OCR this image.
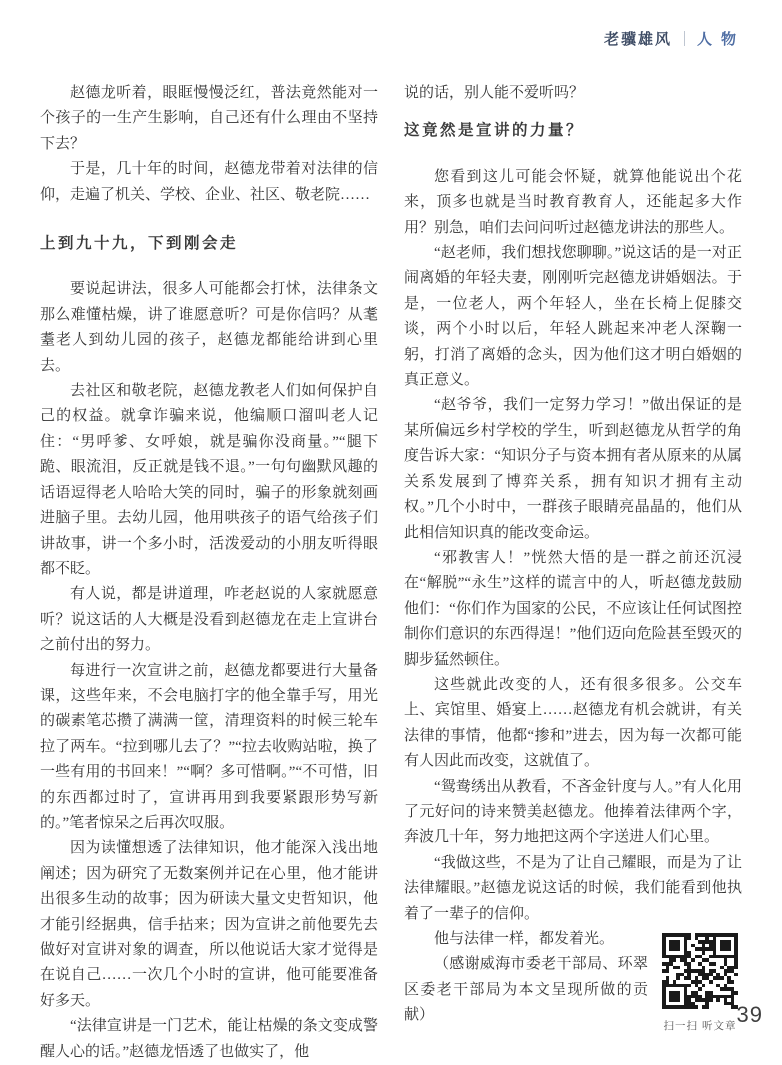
老骥雄风 人物

赵德龙听着，眼眶慢慢泛红，普法竟然能对一个孩子的一生产生影响，自己还有什么理由不坚持下去？

于是，几十年的时间，赵德龙带着对法律的信仰，走遍了机关、学校、企业、社区、敬老院……

上到九十九，下到刚会走

要说起讲法，很多人可能都会打怵，法律条文那么难懂枯燥，讲了谁愿意听？可是你信吗？从耄耋老人到幼儿园的孩子，赵德龙都能给讲到心里去。

去社区和敬老院，赵德龙教老人们如何保护自己的权益。就拿诈骗来说，他编顺口溜叫老人记住：“男呼爹、女呼娘，就是骗你没商量。”“腿下跪、眼流泪，反正就是钱不退。”一句句幽默风趣的话语逗得老人哈哈大笑的同时，骗子的形象就刻画进脑子里。去幼儿园，他用哄孩子的语气给孩子们讲故事，讲一个多小时，活泼爱动的小朋友听得眼都不眨。

有人说，都是讲道理，咋老赵说的人家就愿意听？说这话的人大概是没看到赵德龙在走上宣讲台之前付出的努力。

每进行一次宣讲之前，赵德龙都要进行大量备课，这些年来，不会电脑打字的他全靠手写，用光的碳素笔芯攒了满满一筐，清理资料的时候三轮车拉了两车。“拉到哪儿去了？”“拉去收购站啦，换了一些有用的书回来！”“啊？多可惜啊。”“不可惜，旧的东西都过时了，宣讲再用到我要紧跟形势写新的。”笔者惊呆之后再次叹服。

因为读懂想透了法律知识，他才能深入浅出地阐述；因为研究了无数案例并记在心里，他才能讲出很多生动的故事；因为研读大量文史哲知识，他才能引经据典，信手拈来；因为宣讲之前他要先去做好对宣讲对象的调查，所以他说话大家才觉得是在说自己……一次几个小时的宣讲，他可能要准备好多天。

“法律宣讲是一门艺术，能让枯燥的条文变成警醒人心的话。”赵德龙悟透了也做实了，他

说的话，别人能不爱听吗？

这竟然是宣讲的力量？

您看到这儿可能会怀疑，就算他能说出个花来，顶多也就是当时教育教育人，还能起多大作用？别急，咱们去问问听过赵德龙讲法的那些人。

“赵老师，我们想找您聊聊。”说这话的是一对正闹离婚的年轻夫妻，刚刚听完赵德龙讲婚姻法。于是，一位老人，两个年轻人，坐在长椅上促膝交谈，两个小时以后，年轻人跳起来冲老人深鞠一躬，打消了离婚的念头，因为他们这才明白婚姻的真正意义。

“赵爷爷，我们一定努力学习！”做出保证的是某所偏远乡村学校的学生，听到赵德龙从哲学的角度告诉大家：“知识分子与资本拥有者从原来的从属关系发展到了博弈关系，拥有知识才拥有主动权。”几个小时中，一群孩子眼睛亮晶晶的，他们从此相信知识真的能改变命运。

“邪教害人！”恍然大悟的是一群之前还沉浸在“解脱”“永生”这样的谎言中的人，听赵德龙鼓励他们：“你们作为国家的公民，不应该让任何试图控制你们意识的东西得逞！”他们迈向危险甚至毁灭的脚步猛然顿住。

这些就此改变的人，还有很多很多。公交车上、宾馆里、婚宴上……赵德龙有机会就讲，有关法律的事情，他都“掺和”进去，因为每一次都可能有人因此而改变，这就值了。

“鸳鸯绣出从教看，不吝金针度与人。”有人化用了元好问的诗来赞美赵德龙。他捧着法律两个字，奔波几十年，努力地把这两个字送进人们心里。

“我做这些，不是为了让自己耀眼，而是为了让法律耀眼。”赵德龙说这话的时候，我们能看到他执着了一辈子的信仰。

扫一扫 听文章

他与法律一样，都发着光。

（感谢威海市委老干部局、环翠区委老干部局为本文呈现所做的贡献）	39
